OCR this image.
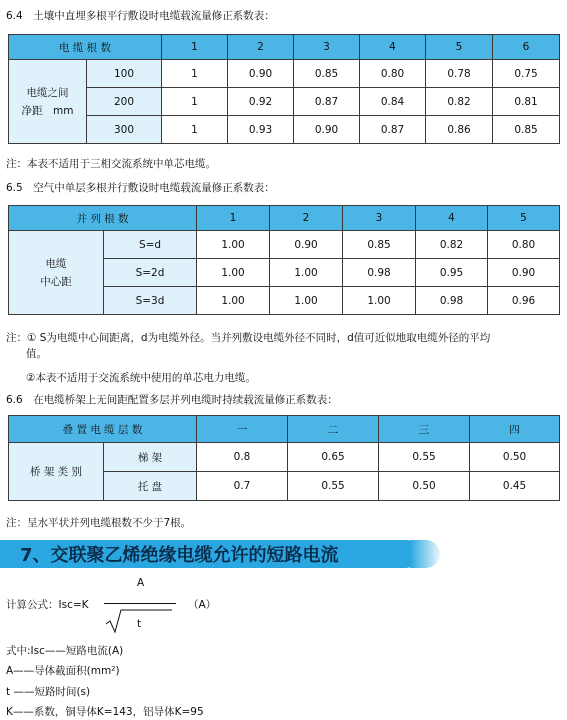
6.4　土壤中直埋多根平行敷设时电缆载流量修正系数表：
电 缆 根 数		1	2	3	4	5	6

电缆之间
净距　mm	100	1	0.90	0.85	0.80	0.78	0.75
	200	1	0.92	0.87	0.84	0.82	0.81
	300	1	0.93	0.90	0.87	0.86	0.85
注：本表不适用于三相交流系统中单芯电缆。
6.5　空气中单层多根并行敷设时电缆载流量修正系数表：
并 列 根 数		1	2	3	4	5

电缆
中心距	S=d	1.00	0.90	0.85	0.82	0.80
	S=2d	1.00	1.00	0.98	0.95	0.90
	S=3d	1.00	1.00	1.00	0.98	0.96
注：① S为电缆中心间距离，d为电缆外径。当并列敷设电缆外径不同时，d值可近似地取电缆外径的平均
值。
②本表不适用于交流系统中使用的单芯电力电缆。
6.6　在电缆桥架上无间距配置多层并列电缆时持续载流量修正系数表：
叠 置 电 缆 层 数		一	二	三	四
桥 架 类 别	梯 架	0.8	0.65	0.55	0.50
	托 盘	0.7	0.55	0.50	0.45
注：呈水平状并列电缆根数不少于7根。
7、交联聚乙烯绝缘电缆允许的短路电流
计算公式：Isc=K
A
t
（A）
式中:Isc——短路电流(A)
A——导体截面积(mm²)
t ——短路时间(s)
K——系数，铜导体K=143，铝导体K=95
